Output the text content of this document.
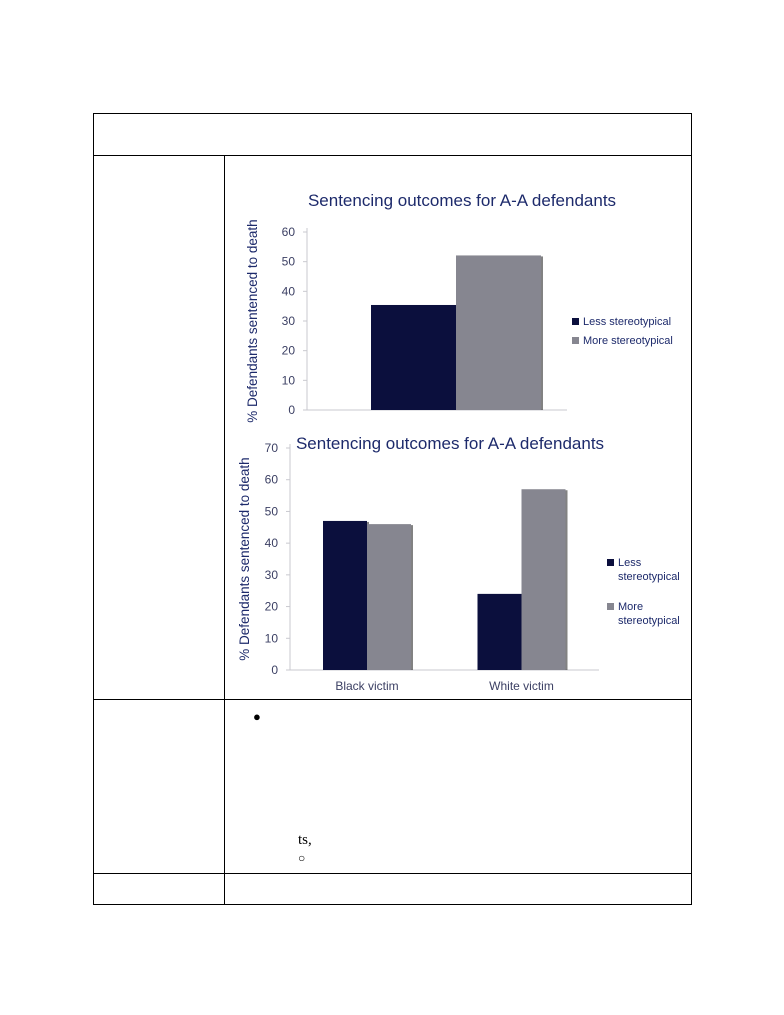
Sentencing outcomes for A-A defendants
% Defendants sentenced to death 0
10
20
30
40
50
60
Less stereotypical
More stereotypical
Sentencing outcomes for A-A defendants
% Defendants sentenced to death
0
10
20
30
40
50
60
70
Black victim	White victim
Less
stereotypical
More
stereotypical
●
ts,
○
